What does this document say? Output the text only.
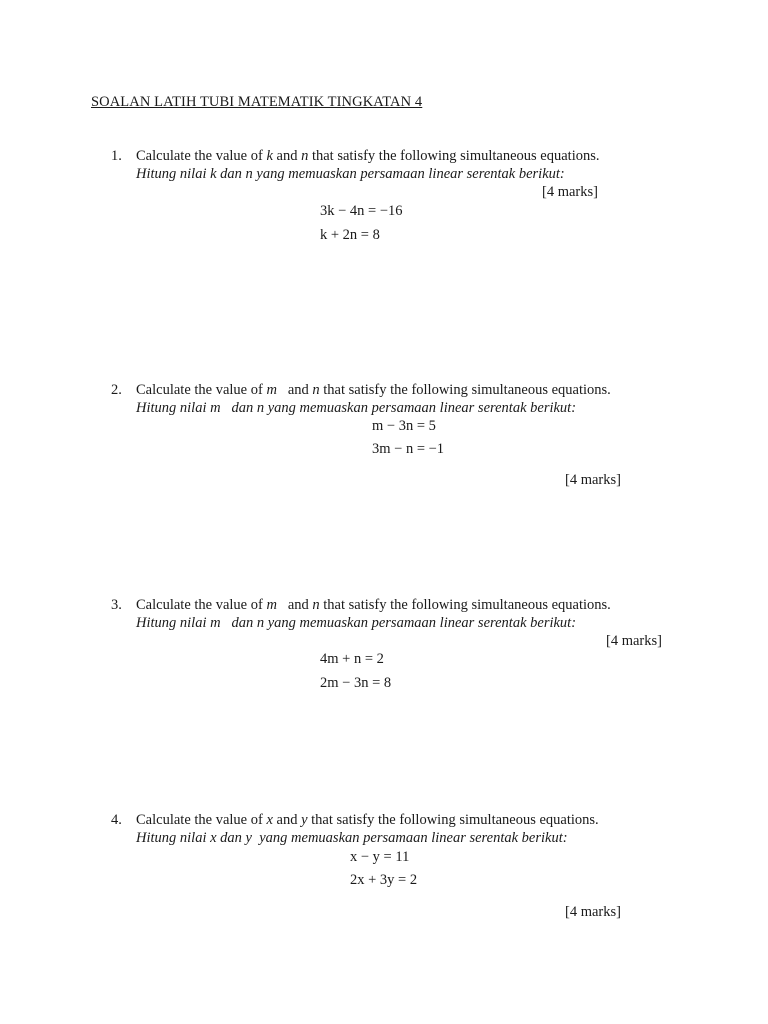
SOALAN LATIH TUBI MATEMATIK TINGKATAN 4
1. Calculate the value of k and n that satisfy the following simultaneous equations.
Hitung nilai k dan n yang memuaskan persamaan linear serentak berikut:
[4 marks]
3k − 4n = −16
k + 2n = 8
2. Calculate the value of m   and n that satisfy the following simultaneous equations.
Hitung nilai m   dan n yang memuaskan persamaan linear serentak berikut:
m − 3n = 5
3m − n = −1
[4 marks]
3. Calculate the value of m   and n that satisfy the following simultaneous equations.
Hitung nilai m   dan n yang memuaskan persamaan linear serentak berikut:
[4 marks]
4m + n = 2
2m − 3n = 8
4. Calculate the value of x and y that satisfy the following simultaneous equations.
Hitung nilai x dan y  yang memuaskan persamaan linear serentak berikut:
x − y = 11
2x + 3y = 2
[4 marks]
